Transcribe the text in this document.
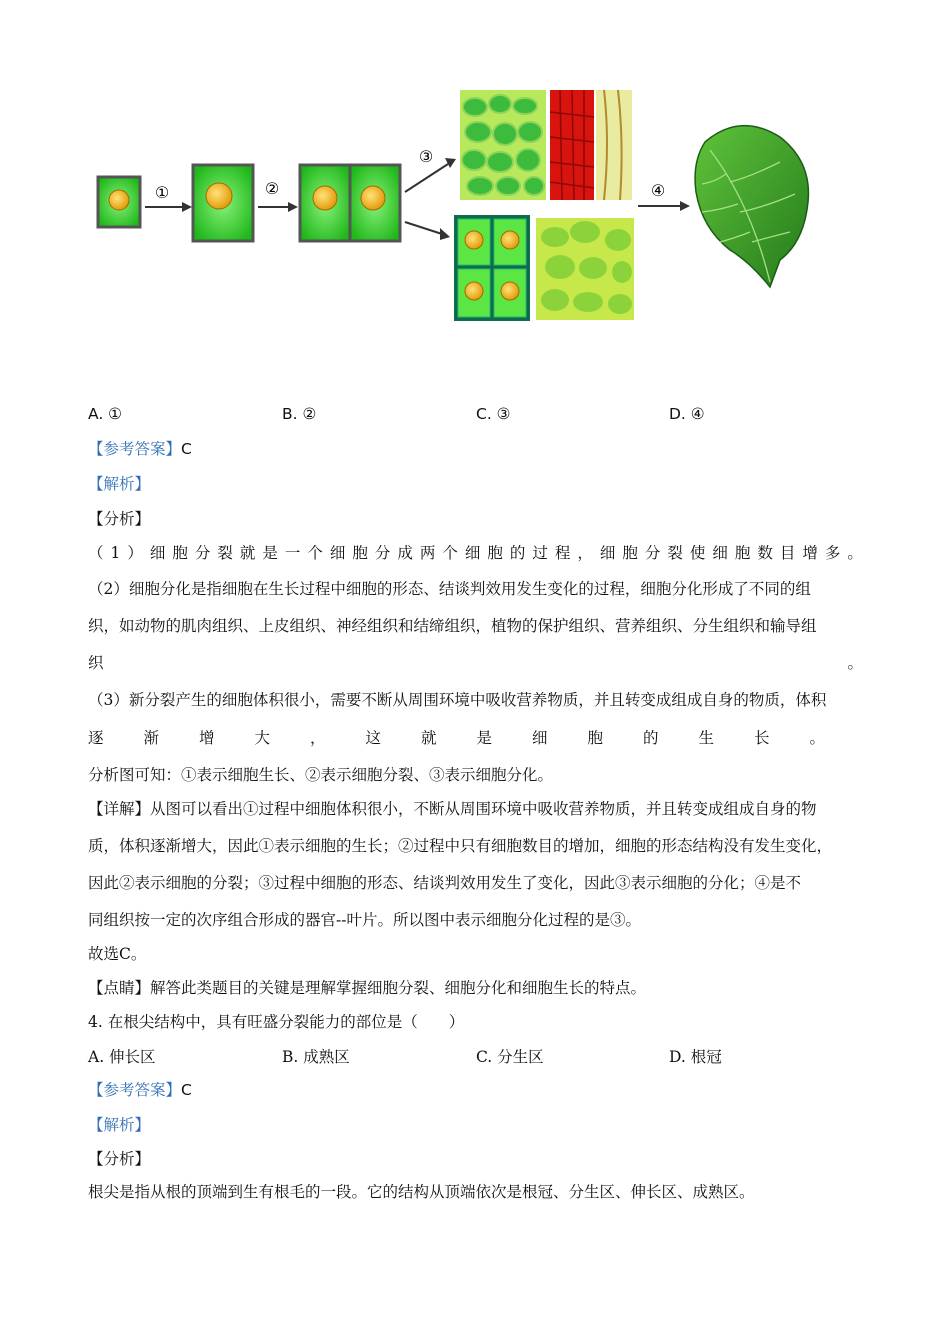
①	②
③
④
A. ①	B. ②	C. ③	D. ④
【参考答案】C
【解析】
【分析】
（1）细胞分裂就是一个细胞分成两个细胞的过程，细胞分裂使细胞数目增多。
（2）细胞分化是指细胞在生长过程中细胞的形态、结谈判效用发生变化的过程，细胞分化形成了不同的组
织，如动物的肌肉组织、上皮组织、神经组织和结缔组织，植物的保护组织、营养组织、分生组织和输导组
织	。
（3）新分裂产生的细胞体积很小，需要不断从周围环境中吸收营养物质，并且转变成组成自身的物质，体积
逐渐增大，这就是细胞的生长。
分析图可知：①表示细胞生长、②表示细胞分裂、③表示细胞分化。
【详解】从图可以看出①过程中细胞体积很小，不断从周围环境中吸收营养物质，并且转变成组成自身的物
质，体积逐渐增大，因此①表示细胞的生长；②过程中只有细胞数目的增加，细胞的形态结构没有发生变化，
因此②表示细胞的分裂；③过程中细胞的形态、结谈判效用发生了变化，因此③表示细胞的分化；④是不
同组织按一定的次序组合形成的器官--叶片。所以图中表示细胞分化过程的是③。
故选C。
【点睛】解答此类题目的关键是理解掌握细胞分裂、细胞分化和细胞生长的特点。
4. 在根尖结构中，具有旺盛分裂能力的部位是（　　）
A. 伸长区	B. 成熟区	C. 分生区	D. 根冠
【参考答案】C
【解析】
【分析】
根尖是指从根的顶端到生有根毛的一段。它的结构从顶端依次是根冠、分生区、伸长区、成熟区。
